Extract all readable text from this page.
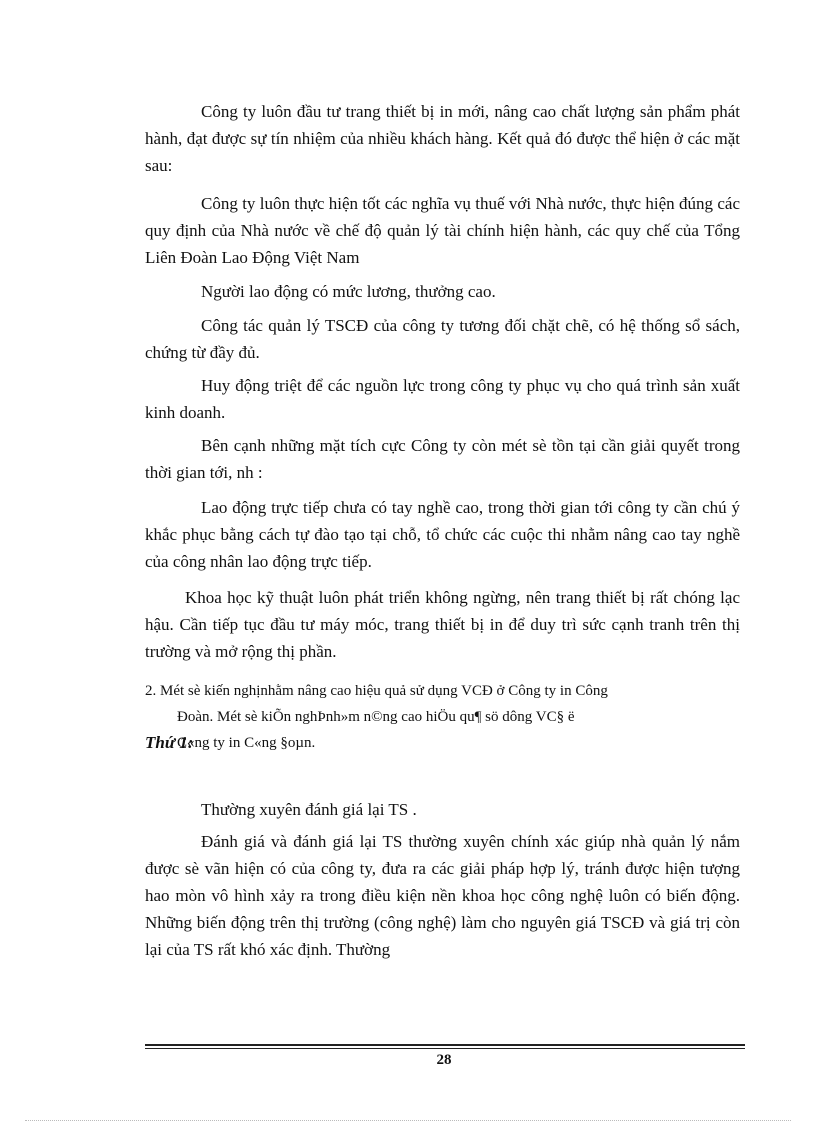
Công ty luôn đầu tư trang thiết bị in mới, nâng cao chất lượng sản phẩm phát hành, đạt được sự tín nhiệm của nhiều khách hàng. Kết quả đó được thể hiện ở các mặt sau:

Công ty luôn thực hiện tốt các nghĩa vụ thuế với Nhà nước, thực hiện đúng các quy định của Nhà nước về chế độ quản lý tài chính hiện hành, các quy chế của Tổng Liên Đoàn Lao Động Việt Nam

Người lao động có mức lương, thưởng cao.

Công tác quản lý TSCĐ của công ty tương đối chặt chẽ, có hệ thống sổ sách, chứng từ đầy đủ.

Huy động triệt để các nguồn lực trong công ty phục vụ cho quá trình sản xuất kinh doanh.

Bên cạnh những mặt tích cực Công ty còn mét sè tồn tại cần giải quyết trong thời gian tới, nh :

Lao động trực tiếp chưa có tay nghề cao, trong thời gian tới công ty cần chú ý khắc phục bằng cách tự đào tạo tại chỗ, tổ chức các cuộc thi nhằm nâng cao tay nghề của công nhân lao động trực tiếp.

Khoa học kỹ thuật luôn phát triển không ngừng, nên trang thiết bị rất chóng lạc hậu. Cần tiếp tục đầu tư máy móc, trang thiết bị in để duy trì sức cạnh tranh trên thị trường và mở rộng thị phần.

2. Mét sè kiến nghịnhằm nâng cao hiệu quả sử dụng VCĐ ở Công ty in Công
Đoàn. Mét sè kiÕn nghÞnh»m n©ng cao hiÖu qu¶ sö dông VC§ ë
C«ng ty in C«ng §oµn.

Thứ 1:

Thường xuyên đánh giá lại TS .

Đánh giá và đánh giá lại TS thường xuyên chính xác giúp nhà quản lý nắm được sè vãn hiện có của công ty, đưa ra các giải pháp hợp lý, tránh được hiện tượng hao mòn vô hình xảy ra trong điều kiện nền khoa học công nghệ luôn có biến động. Những biến động trên thị trường (công nghệ) làm cho nguyên giá TSCĐ và giá trị còn lại của TS rất khó xác định. Thường

28
